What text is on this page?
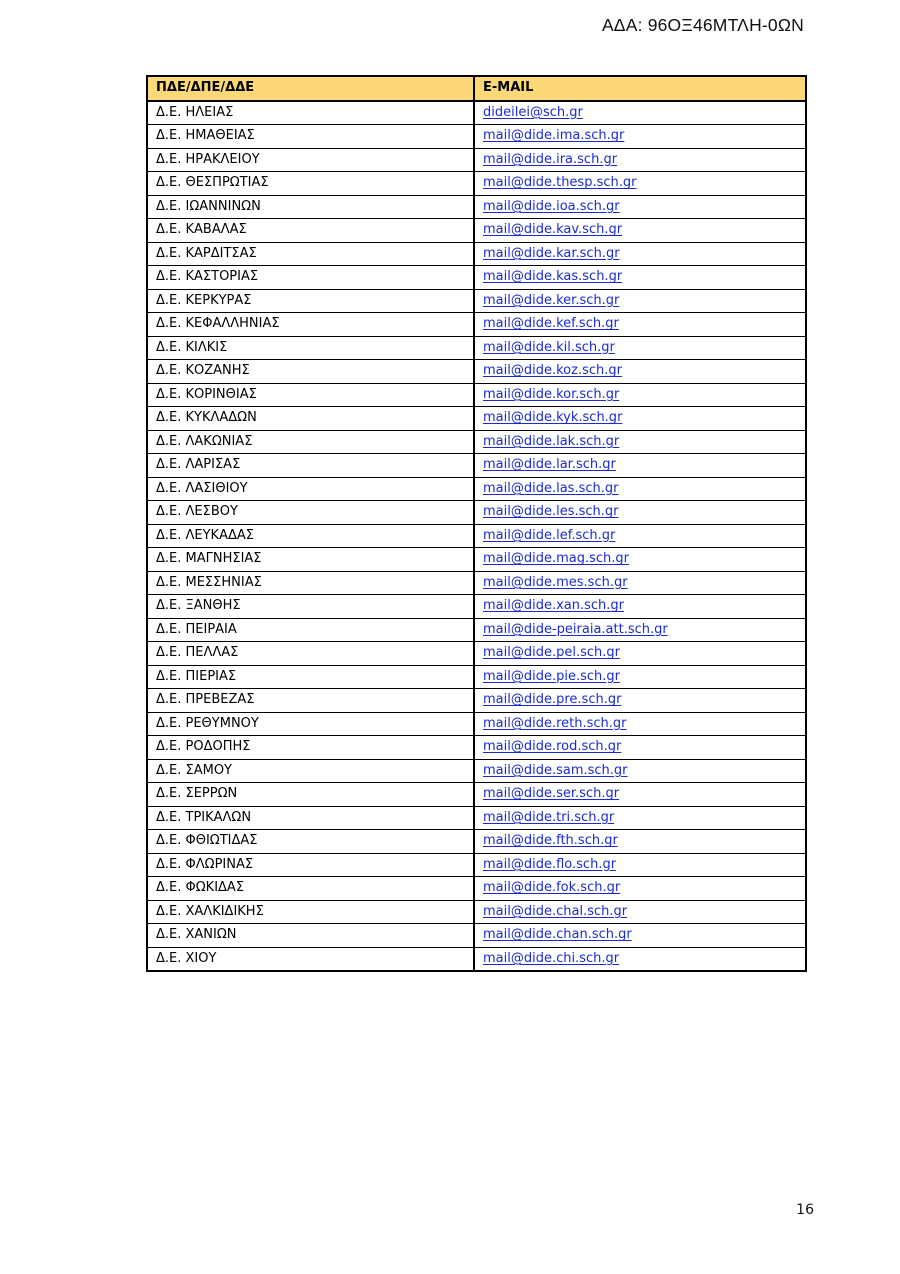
ΑΔΑ: 96ΟΞ46ΜΤΛΗ-0ΩΝ
ΠΔΕ/ΔΠΕ/ΔΔΕ	E-MAIL
Δ.Ε. ΗΛΕΙΑΣ	dideilei@sch.gr
Δ.Ε. ΗΜΑΘΕΙΑΣ	mail@dide.ima.sch.gr
Δ.Ε. ΗΡΑΚΛΕΙΟΥ	mail@dide.ira.sch.gr
Δ.Ε. ΘΕΣΠΡΩΤΙΑΣ	mail@dide.thesp.sch.gr
Δ.Ε. ΙΩΑΝΝΙΝΩΝ	mail@dide.ioa.sch.gr
Δ.Ε. ΚΑΒΑΛΑΣ	mail@dide.kav.sch.gr
Δ.Ε. ΚΑΡΔΙΤΣΑΣ	mail@dide.kar.sch.gr
Δ.Ε. ΚΑΣΤΟΡΙΑΣ	mail@dide.kas.sch.gr
Δ.Ε. ΚΕΡΚΥΡΑΣ	mail@dide.ker.sch.gr
Δ.Ε. ΚΕΦΑΛΛΗΝΙΑΣ	mail@dide.kef.sch.gr
Δ.Ε. ΚΙΛΚΙΣ	mail@dide.kil.sch.gr
Δ.Ε. ΚΟΖΑΝΗΣ	mail@dide.koz.sch.gr
Δ.Ε. ΚΟΡΙΝΘΙΑΣ	mail@dide.kor.sch.gr
Δ.Ε. ΚΥΚΛΑΔΩΝ	mail@dide.kyk.sch.gr
Δ.Ε. ΛΑΚΩΝΙΑΣ	mail@dide.lak.sch.gr
Δ.Ε. ΛΑΡΙΣΑΣ	mail@dide.lar.sch.gr
Δ.Ε. ΛΑΣΙΘΙΟΥ	mail@dide.las.sch.gr
Δ.Ε. ΛΕΣΒΟΥ	mail@dide.les.sch.gr
Δ.Ε. ΛΕΥΚΑΔΑΣ	mail@dide.lef.sch.gr
Δ.Ε. ΜΑΓΝΗΣΙΑΣ	mail@dide.mag.sch.gr
Δ.Ε. ΜΕΣΣΗΝΙΑΣ	mail@dide.mes.sch.gr
Δ.Ε. ΞΑΝΘΗΣ	mail@dide.xan.sch.gr
Δ.Ε. ΠΕΙΡΑΙΑ	mail@dide-peiraia.att.sch.gr
Δ.Ε. ΠΕΛΛΑΣ	mail@dide.pel.sch.gr
Δ.Ε. ΠΙΕΡΙΑΣ	mail@dide.pie.sch.gr
Δ.Ε. ΠΡΕΒΕΖΑΣ	mail@dide.pre.sch.gr
Δ.Ε. ΡΕΘΥΜΝΟΥ	mail@dide.reth.sch.gr
Δ.Ε. ΡΟΔΟΠΗΣ	mail@dide.rod.sch.gr
Δ.Ε. ΣΑΜΟΥ	mail@dide.sam.sch.gr
Δ.Ε. ΣΕΡΡΩΝ	mail@dide.ser.sch.gr
Δ.Ε. ΤΡΙΚΑΛΩΝ	mail@dide.tri.sch.gr
Δ.Ε. ΦΘΙΩΤΙΔΑΣ	mail@dide.fth.sch.gr
Δ.Ε. ΦΛΩΡΙΝΑΣ	mail@dide.flo.sch.gr
Δ.Ε. ΦΩΚΙΔΑΣ	mail@dide.fok.sch.gr
Δ.Ε. ΧΑΛΚΙΔΙΚΗΣ	mail@dide.chal.sch.gr
Δ.Ε. ΧΑΝΙΩΝ	mail@dide.chan.sch.gr
Δ.Ε. ΧΙΟΥ	mail@dide.chi.sch.gr
16
